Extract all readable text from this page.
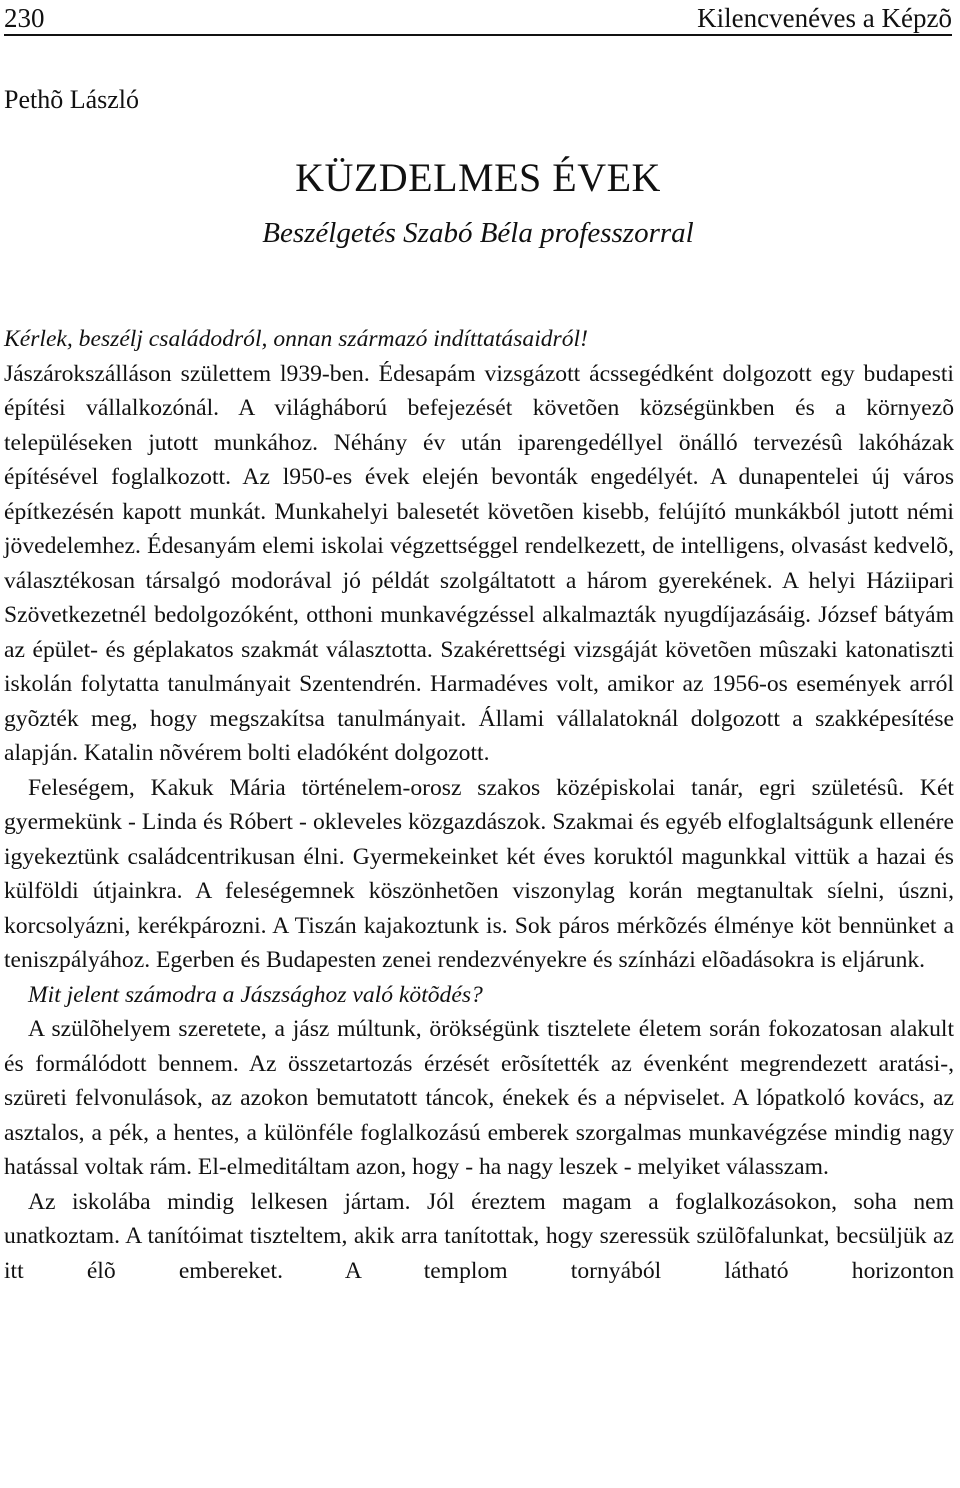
230	Kilencvenéves a Képzõ
Pethõ László
KÜZDELMES ÉVEK
Beszélgetés Szabó Béla professzorral

Kérlek, beszélj családodról, onnan származó indíttatásaidról!

Jászárokszálláson születtem l939-ben. Édesapám vizsgázott ácssegédként dolgozott egy budapesti építési vállalkozónál. A világháború befejezését követõen községünkben és a környezõ településeken jutott munkához. Néhány év után iparengedéllyel önálló tervezésû lakóházak építésével foglalkozott. Az l950-es évek elején bevonták engedélyét. A dunapentelei új város építkezésén kapott munkát. Munkahelyi balesetét követõen kisebb, felújító munkákból jutott némi jövedelemhez. Édesanyám elemi iskolai végzettséggel rendelkezett, de intelligens, olvasást kedvelõ, választékosan társalgó modorával jó példát szolgáltatott a három gyerekének. A helyi Háziipari Szövetkezetnél bedolgozóként, otthoni munkavégzéssel alkalmazták nyugdíjazásáig. József bátyám az épület- és géplakatos szakmát választotta. Szakérettségi vizsgáját követõen mûszaki katonatiszti iskolán folytatta tanulmányait Szentendrén. Harmadéves volt, amikor az 1956-os események arról gyõzték meg, hogy megszakítsa tanulmányait. Állami vállalatoknál dolgozott a szakképesítése alapján. Katalin nõvérem bolti eladóként dolgozott.

Feleségem, Kakuk Mária történelem-orosz szakos középiskolai tanár, egri születésû. Két gyermekünk - Linda és Róbert - okleveles közgazdászok. Szakmai és egyéb elfoglaltságunk ellenére igyekeztünk családcentrikusan élni. Gyermekeinket két éves koruktól magunkkal vittük a hazai és külföldi útjainkra. A feleségemnek köszönhetõen viszonylag korán megtanultak síelni, úszni, korcsolyázni, kerékpározni. A Tiszán kajakoztunk is. Sok páros mérkõzés élménye köt bennünket a teniszpályához. Egerben és Budapesten zenei rendezvényekre és színházi elõadásokra is eljárunk.

Mit jelent számodra a Jászsághoz való kötõdés?

A szülõhelyem szeretete, a jász múltunk, örökségünk tisztelete életem során fokozatosan alakult és formálódott bennem. Az összetartozás érzését erõsítették az évenként megrendezett aratási-, szüreti felvonulások, az azokon bemutatott táncok, énekek és a népviselet. A lópatkoló kovács, az asztalos, a pék, a hentes, a különféle foglalkozású emberek szorgalmas munkavégzése mindig nagy hatással voltak rám. El-elmeditáltam azon, hogy - ha nagy leszek - melyiket válasszam.

Az iskolába mindig lelkesen jártam. Jól éreztem magam a foglalkozásokon, soha nem unatkoztam. A tanítóimat tiszteltem, akik arra tanítottak, hogy szeressük szülõfalunkat, becsüljük az itt élõ embereket. A templom tornyából látható horizonton
